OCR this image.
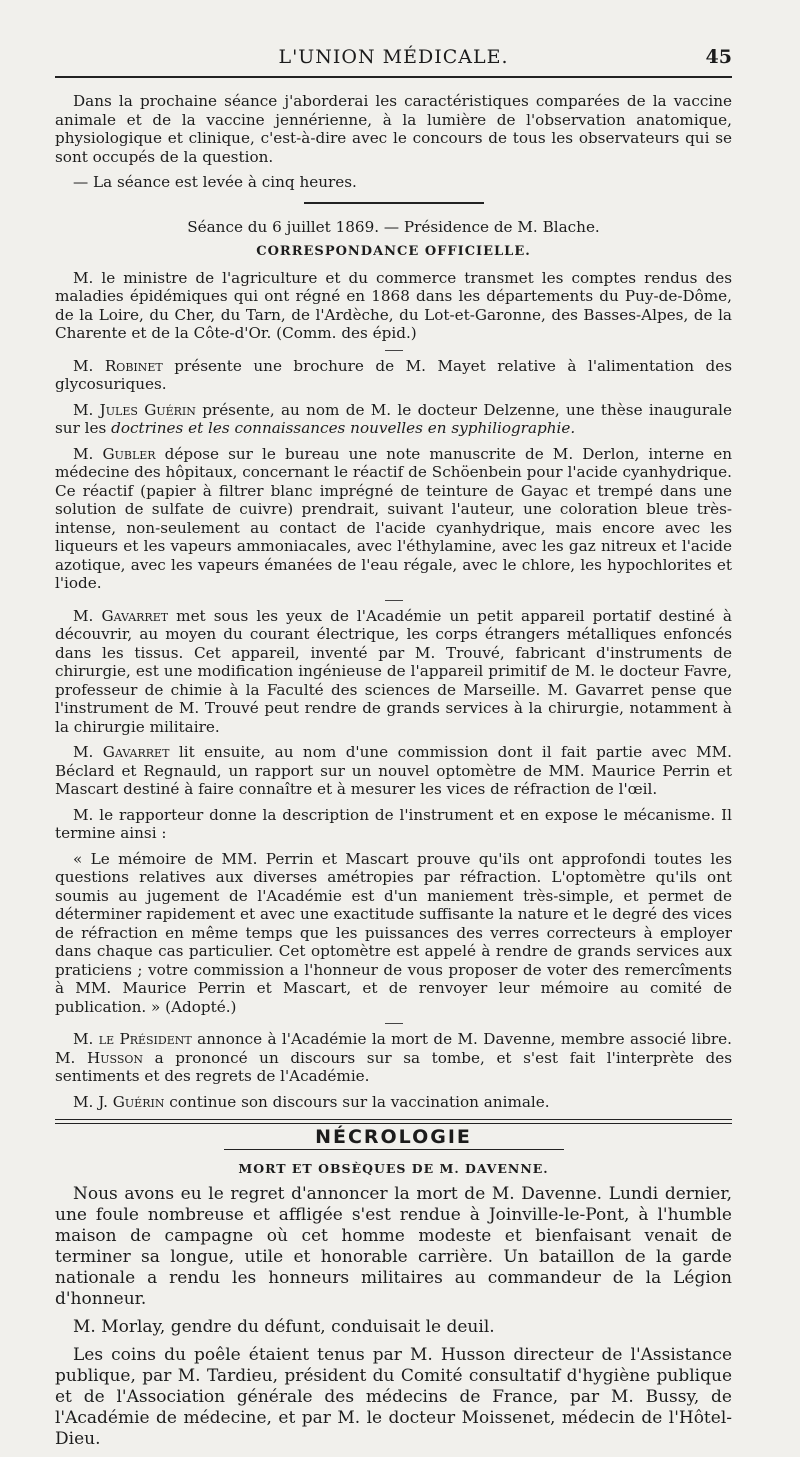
L'UNION MÉDICALE.	45

Dans la prochaine séance j'aborderai les caractéristiques comparées de la vaccine animale et de la vaccine jennérienne, à la lumière de l'observation anatomique, physiologique et clinique, c'est-à-dire avec le concours de tous les observateurs qui se sont occupés de la question.

— La séance est levée à cinq heures.

Séance du 6 juillet 1869. — Présidence de M. Blache.

CORRESPONDANCE OFFICIELLE.

M. le ministre de l'agriculture et du commerce transmet les comptes rendus des maladies épidémiques qui ont régné en 1868 dans les départements du Puy-de-Dôme, de la Loire, du Cher, du Tarn, de l'Ardèche, du Lot-et-Garonne, des Basses-Alpes, de la Charente et de la Côte-d'Or. (Comm. des épid.)

M. Robinet présente une brochure de M. Mayet relative à l'alimentation des glycosuriques.

M. Jules Guérin présente, au nom de M. le docteur Delzenne, une thèse inaugurale sur les doctrines et les connaissances nouvelles en syphiliographie.

M. Gubler dépose sur le bureau une note manuscrite de M. Derlon, interne en médecine des hôpitaux, concernant le réactif de Schöenbein pour l'acide cyanhydrique. Ce réactif (papier à filtrer blanc imprégné de teinture de Gayac et trempé dans une solution de sulfate de cuivre) prendrait, suivant l'auteur, une coloration bleue très-intense, non-seulement au contact de l'acide cyanhydrique, mais encore avec les liqueurs et les vapeurs ammoniacales, avec l'éthylamine, avec les gaz nitreux et l'acide azotique, avec les vapeurs émanées de l'eau régale, avec le chlore, les hypochlorites et l'iode.

M. Gavarret met sous les yeux de l'Académie un petit appareil portatif destiné à découvrir, au moyen du courant électrique, les corps étrangers métalliques enfoncés dans les tissus. Cet appareil, inventé par M. Trouvé, fabricant d'instruments de chirurgie, est une modification ingénieuse de l'appareil primitif de M. le docteur Favre, professeur de chimie à la Faculté des sciences de Marseille. M. Gavarret pense que l'instrument de M. Trouvé peut rendre de grands services à la chirurgie, notamment à la chirurgie militaire.

M. Gavarret lit ensuite, au nom d'une commission dont il fait partie avec MM. Béclard et Regnauld, un rapport sur un nouvel optomètre de MM. Maurice Perrin et Mascart destiné à faire connaître et à mesurer les vices de réfraction de l'œil.

M. le rapporteur donne la description de l'instrument et en expose le mécanisme. Il termine ainsi :

« Le mémoire de MM. Perrin et Mascart prouve qu'ils ont approfondi toutes les questions relatives aux diverses amétropies par réfraction. L'optomètre qu'ils ont soumis au jugement de l'Académie est d'un maniement très-simple, et permet de déterminer rapidement et avec une exactitude suffisante la nature et le degré des vices de réfraction en même temps que les puissances des verres correcteurs à employer dans chaque cas particulier. Cet optomètre est appelé à rendre de grands services aux praticiens ; votre commission a l'honneur de vous proposer de voter des remercîments à MM. Maurice Perrin et Mascart, et de renvoyer leur mémoire au comité de publication. » (Adopté.)

M. le Président annonce à l'Académie la mort de M. Davenne, membre associé libre. M. Husson a prononcé un discours sur sa tombe, et s'est fait l'interprète des sentiments et des regrets de l'Académie.

M. J. Guérin continue son discours sur la vaccination animale.

NÉCROLOGIE
MORT ET OBSÈQUES DE M. DAVENNE.

Nous avons eu le regret d'annoncer la mort de M. Davenne. Lundi dernier, une foule nombreuse et affligée s'est rendue à Joinville-le-Pont, à l'humble maison de campagne où cet homme modeste et bienfaisant venait de terminer sa longue, utile et honorable carrière. Un bataillon de la garde nationale a rendu les honneurs militaires au commandeur de la Légion d'honneur.

M. Morlay, gendre du défunt, conduisait le deuil.

Les coins du poêle étaient tenus par M. Husson directeur de l'Assistance publique, par M. Tardieu, président du Comité consultatif d'hygiène publique et de l'Association générale des médecins de France, par M. Bussy, de l'Académie de médecine, et par M. le docteur Moissenet, médecin de l'Hôtel-Dieu.
